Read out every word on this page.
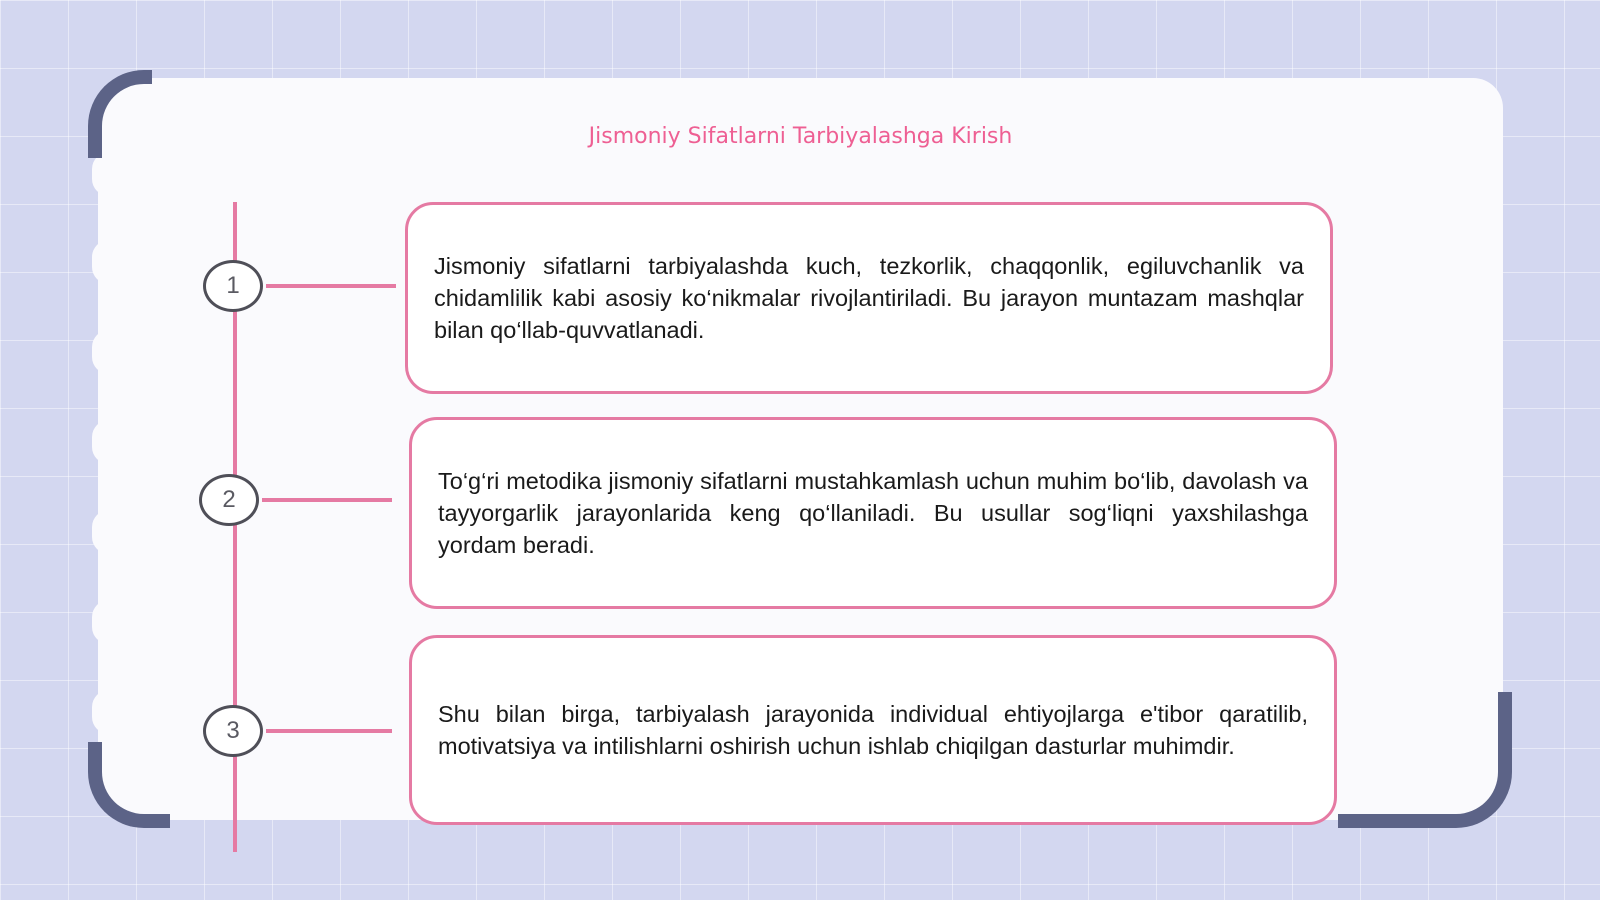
Jismoniy Sifatlarni Tarbiyalashga Kirish
1
2
3
Jismoniy sifatlarni tarbiyalashda kuch, tezkorlik, chaqqonlik, egiluvchanlik va chidamlilik kabi asosiy ko‘nikmalar rivojlantiriladi. Bu jarayon muntazam mashqlar bilan qo‘llab-quvvatlanadi.
To‘g‘ri metodika jismoniy sifatlarni mustahkamlash uchun muhim bo‘lib, davolash va tayyorgarlik jarayonlarida keng qo‘llaniladi. Bu usullar sog‘liqni yaxshilashga yordam beradi.
Shu bilan birga, tarbiyalash jarayonida individual ehtiyojlarga e'tibor qaratilib, motivatsiya va intilishlarni oshirish uchun ishlab chiqilgan dasturlar muhimdir.
